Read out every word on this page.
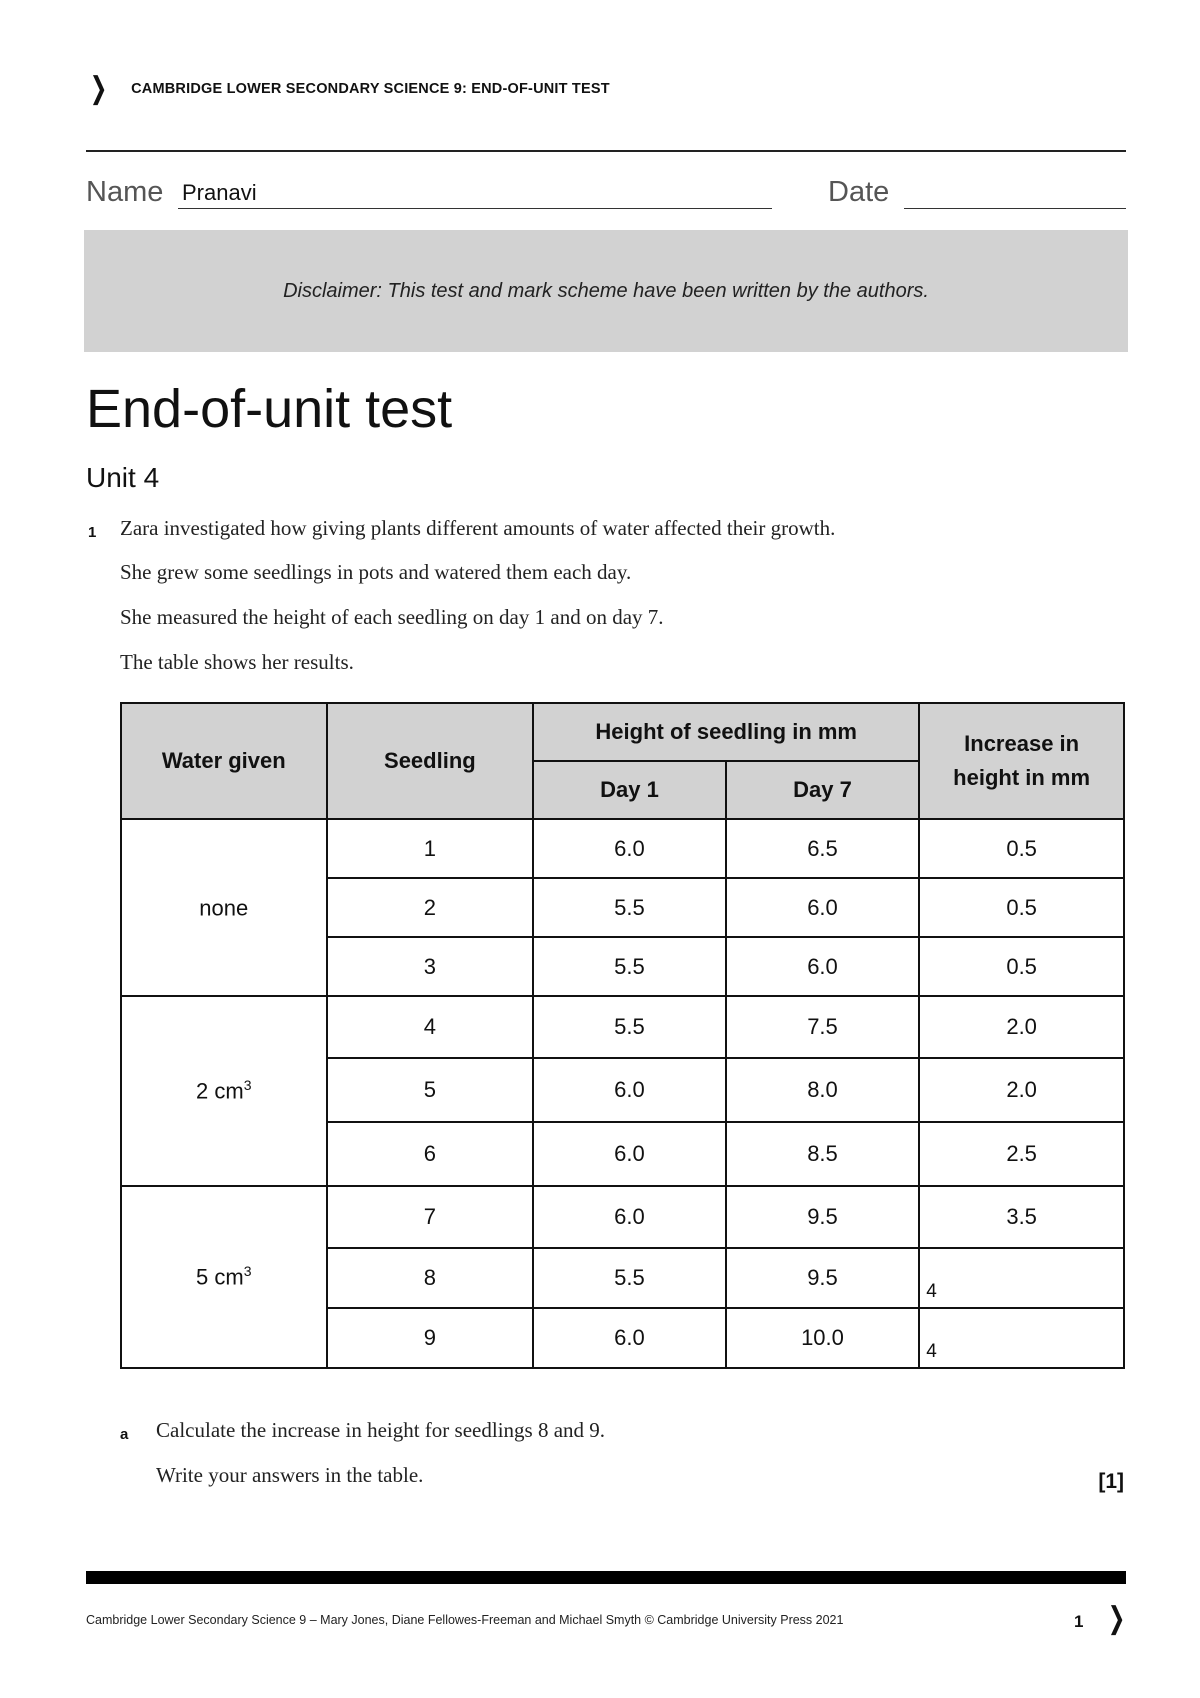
❯ CAMBRIDGE LOWER SECONDARY SCIENCE 9: END-OF-UNIT TEST
Name Pranavi	Date
Disclaimer: This test and mark scheme have been written by the authors.
End-of-unit test
Unit 4
1 Zara investigated how giving plants different amounts of water affected their growth.
She grew some seedlings in pots and watered them each day.
She measured the height of each seedling on day 1 and on day 7.
The table shows her results.
Water given	Seedling	Height of seedling in mm		Increase in height in mm
		Day 1	Day 7	
none	1	6.0	6.5	0.5
	2	5.5	6.0	0.5
	3	5.5	6.0	0.5
2 $cm^3$	4	5.5	7.5	2.0
	5	6.0	8.0	2.0
	6	6.0	8.5	2.5
5 $cm^3$	7	6.0	9.5	3.5
	8	5.5	9.5	4

	9	6.0	10.0	4
a Calculate the increase in height for seedlings 8 and 9.
Write your answers in the table.	[1]
Cambridge Lower Secondary Science 9 – Mary Jones, Diane Fellowes-Freeman and Michael Smyth © Cambridge University Press 2021	1 ❯
